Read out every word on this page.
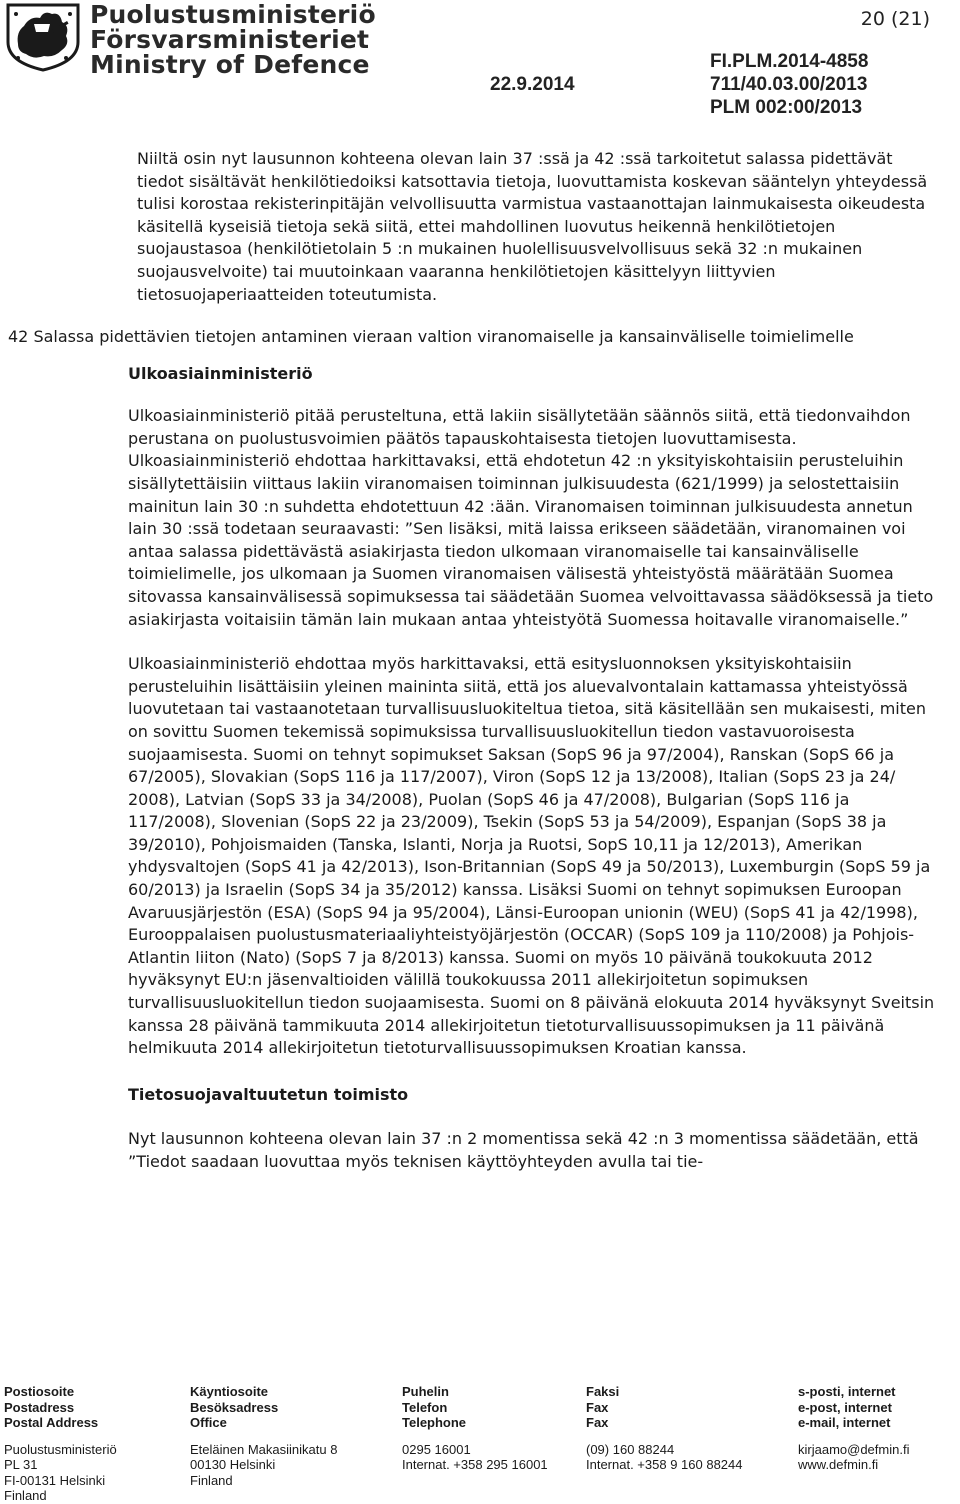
Puolustusministeriö
Försvarsministeriet
Ministry of Defence
20 (21)
22.9.2014
FI.PLM.2014-4858
711/40.03.00/2013
PLM 002:00/2013

Niiltä osin nyt lausunnon kohteena olevan lain 37 :ssä ja 42 :ssä tarkoitetut salassa pidettävät tiedot sisältävät henkilötiedoiksi katsottavia tietoja, luovuttamista koskevan sääntelyn yhteydessä tulisi korostaa rekisterinpitäjän velvollisuutta varmistua vastaanottajan lainmukaisesta oikeudesta käsitellä kyseisiä tietoja sekä siitä, ettei mahdollinen luovutus heikennä henkilötietojen suojaustasoa (henkilötietolain 5 :n mukainen huolellisuusvelvollisuus sekä 32 :n mukainen suojausvelvoite) tai muutoinkaan vaaranna henkilötietojen käsittelyyn liittyvien tietosuojaperiaatteiden toteutumista.

42 Salassa pidettävien tietojen antaminen vieraan valtion viranomaiselle ja kansainväliselle toimielimelle

Ulkoasiainministeriö

Ulkoasiainministeriö pitää perusteltuna, että lakiin sisällytetään säännös siitä, että tiedonvaihdon perustana on puolustusvoimien päätös tapauskohtaisesta tietojen luovuttamisesta. Ulkoasiainministeriö ehdottaa harkittavaksi, että ehdotetun 42 :n yksityiskohtaisiin perusteluihin sisällytettäisiin viittaus lakiin viranomaisen toiminnan julkisuudesta (621/1999) ja selostettaisiin mainitun lain 30 :n suhdetta ehdotettuun 42 :ään. Viranomaisen toiminnan julkisuudesta annetun lain 30 :ssä todetaan seuraavasti: ”Sen lisäksi, mitä laissa erikseen säädetään, viranomainen voi antaa salassa pidettävästä asiakirjasta tiedon ulkomaan viranomaiselle tai kansainväliselle toimielimelle, jos ulkomaan ja Suomen viranomaisen välisestä yhteistyöstä määrätään Suomea sitovassa kansainvälisessä sopimuksessa tai säädetään Suomea velvoittavassa säädöksessä ja tieto asiakirjasta voitaisiin tämän lain mukaan antaa yhteistyötä Suomessa hoitavalle viranomaiselle.”

Ulkoasiainministeriö ehdottaa myös harkittavaksi, että esitysluonnoksen yksityiskohtaisiin perusteluihin lisättäisiin yleinen maininta siitä, että jos aluevalvontalain kattamassa yhteistyössä luovutetaan tai vastaanotetaan turvallisuusluokiteltua tietoa, sitä käsitellään sen mukaisesti, miten on sovittu Suomen tekemissä sopimuksissa turvallisuusluokitellun tiedon vastavuoroisesta suojaamisesta. Suomi on tehnyt sopimukset Saksan (SopS 96 ja 97/2004), Ranskan (SopS 66 ja 67/2005), Slovakian (SopS 116 ja 117/2007), Viron (SopS 12 ja 13/2008), Italian (SopS 23 ja 24/ 2008), Latvian (SopS 33 ja 34/2008), Puolan (SopS 46 ja 47/2008), Bulgarian (SopS 116 ja 117/2008), Slovenian (SopS 22 ja 23/2009), Tsekin (SopS 53 ja 54/2009), Espanjan (SopS 38 ja 39/2010), Pohjoismaiden (Tanska, Islanti, Norja ja Ruotsi, SopS 10,11 ja 12/2013), Amerikan yhdysvaltojen (SopS 41 ja 42/2013), Ison-Britannian (SopS 49 ja 50/2013), Luxemburgin (SopS 59 ja 60/2013) ja Israelin (SopS 34 ja 35/2012) kanssa. Lisäksi Suomi on tehnyt sopimuksen Euroopan Avaruusjärjestön (ESA) (SopS 94 ja 95/2004), Länsi-Euroopan unionin (WEU) (SopS 41 ja 42/1998), Eurooppalaisen puolustusmateriaaliyhteistyöjärjestön (OCCAR) (SopS 109 ja 110/2008) ja Pohjois-Atlantin liiton (Nato) (SopS 7 ja 8/2013) kanssa. Suomi on myös 10 päivänä toukokuuta 2012 hyväksynyt EU:n jäsenvaltioiden välillä toukokuussa 2011 allekirjoitetun sopimuksen turvallisuusluokitellun tiedon suojaamisesta. Suomi on 8 päivänä elokuuta 2014 hyväksynyt Sveitsin kanssa 28 päivänä tammikuuta 2014 allekirjoitetun tietoturvallisuussopimuksen ja 11 päivänä helmikuuta 2014 allekirjoitetun tietoturvallisuussopimuksen Kroatian kanssa.

Tietosuojavaltuutetun toimisto

Nyt lausunnon kohteena olevan lain 37 :n 2 momentissa sekä 42 :n 3 momentissa säädetään, että ”Tiedot saadaan luovuttaa myös teknisen käyttöyhteyden avulla tai tie-

Postiosoite
Postadress
Postal Address
Puolustusministeriö
PL 31
FI-00131 Helsinki
Finland
Käyntiosoite
Besöksadress
Office
Eteläinen Makasiinikatu 8
00130 Helsinki
Finland
Puhelin
Telefon
Telephone
0295 16001
Internat. +358 295 16001
Faksi
Fax
Fax
(09) 160 88244
Internat. +358 9 160 88244
s-posti, internet
e-post, internet
e-mail, internet
kirjaamo@defmin.fi
www.defmin.fi
